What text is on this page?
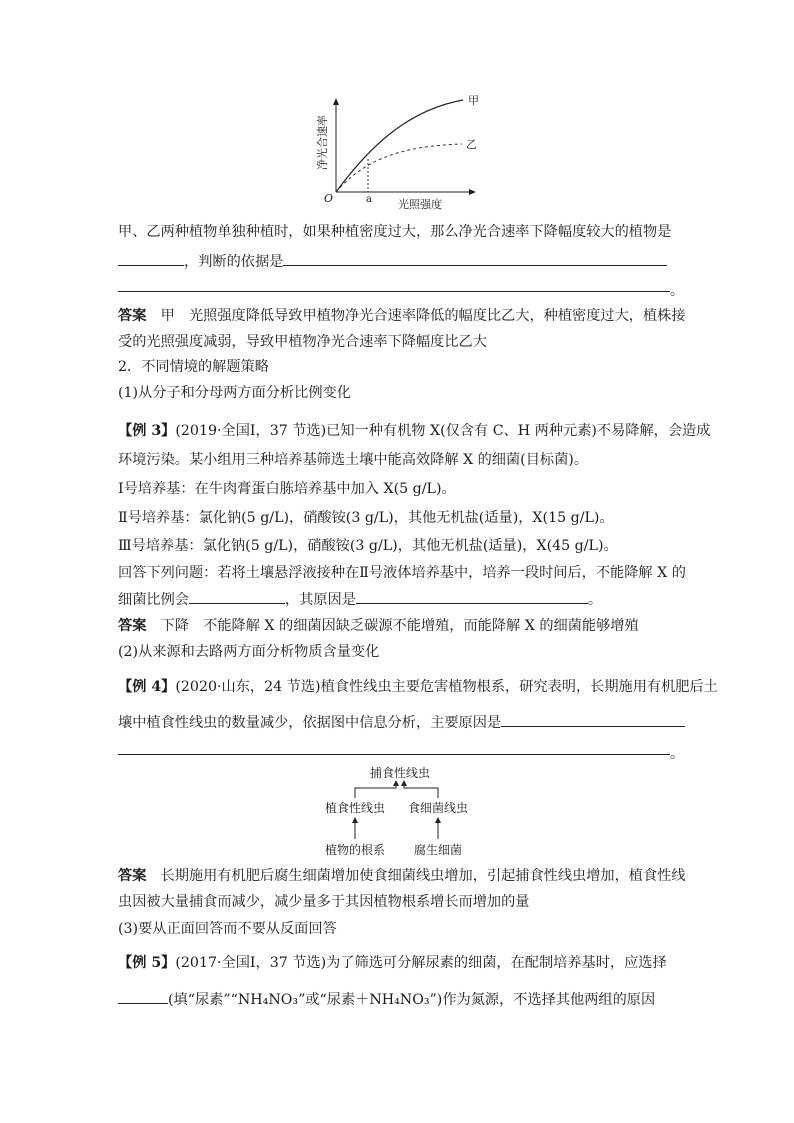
O	a 光照强度
甲
乙
净光合速率
甲、乙两种植物单独种植时，如果种植密度过大，那么净光合速率下降幅度较大的植物是
，判断的依据是
。
答案　 甲　光照强度降低导致甲植物净光合速率降低的幅度比乙大，种植密度过大，植株接
受的光照强度减弱，导致甲植物净光合速率下降幅度比乙大
2．不同情境的解题策略
(1)从分子和分母两方面分析比例变化
【例 3】(2019·全国Ⅰ，37 节选)已知一种有机物 X(仅含有 C、H 两种元素)不易降解，会造成
环境污染。某小组用三种培养基筛选土壤中能高效降解 X 的细菌(目标菌)。
Ⅰ号培养基：在牛肉膏蛋白胨培养基中加入 X(5 g/L)。
Ⅱ号培养基：氯化钠(5 g/L)，硝酸铵(3 g/L)，其他无机盐(适量)，X(15 g/L)。
Ⅲ号培养基：氯化钠(5 g/L)，硝酸铵(3 g/L)，其他无机盐(适量)，X(45 g/L)。
回答下列问题：若将土壤悬浮液接种在Ⅱ号液体培养基中，培养一段时间后，不能降解 X 的
细菌比例会	，其原因是	。
答案　 下降　不能降解 X 的细菌因缺乏碳源不能增殖，而能降解 X 的细菌能够增殖
(2)从来源和去路两方面分析物质含量变化
【例 4】(2020·山东，24 节选)植食性线虫主要危害植物根系，研究表明，长期施用有机肥后土
壤中植食性线虫的数量减少，依据图中信息分析，主要原因是
。
捕食性线虫
植食性线虫 食细菌线虫
植物的根系 腐生细菌
答案　 长期施用有机肥后腐生细菌增加使食细菌线虫增加，引起捕食性线虫增加，植食性线
虫因被大量捕食而减少，减少量多于其因植物根系增长而增加的量
(3)要从正面回答而不要从反面回答
【例 5】(2017·全国Ⅰ，37 节选)为了筛选可分解尿素的细菌，在配制培养基时，应选择
(填“尿素”“NH₄NO₃”或“尿素＋NH₄NO₃”)作为氮源，不选择其他两组的原因
